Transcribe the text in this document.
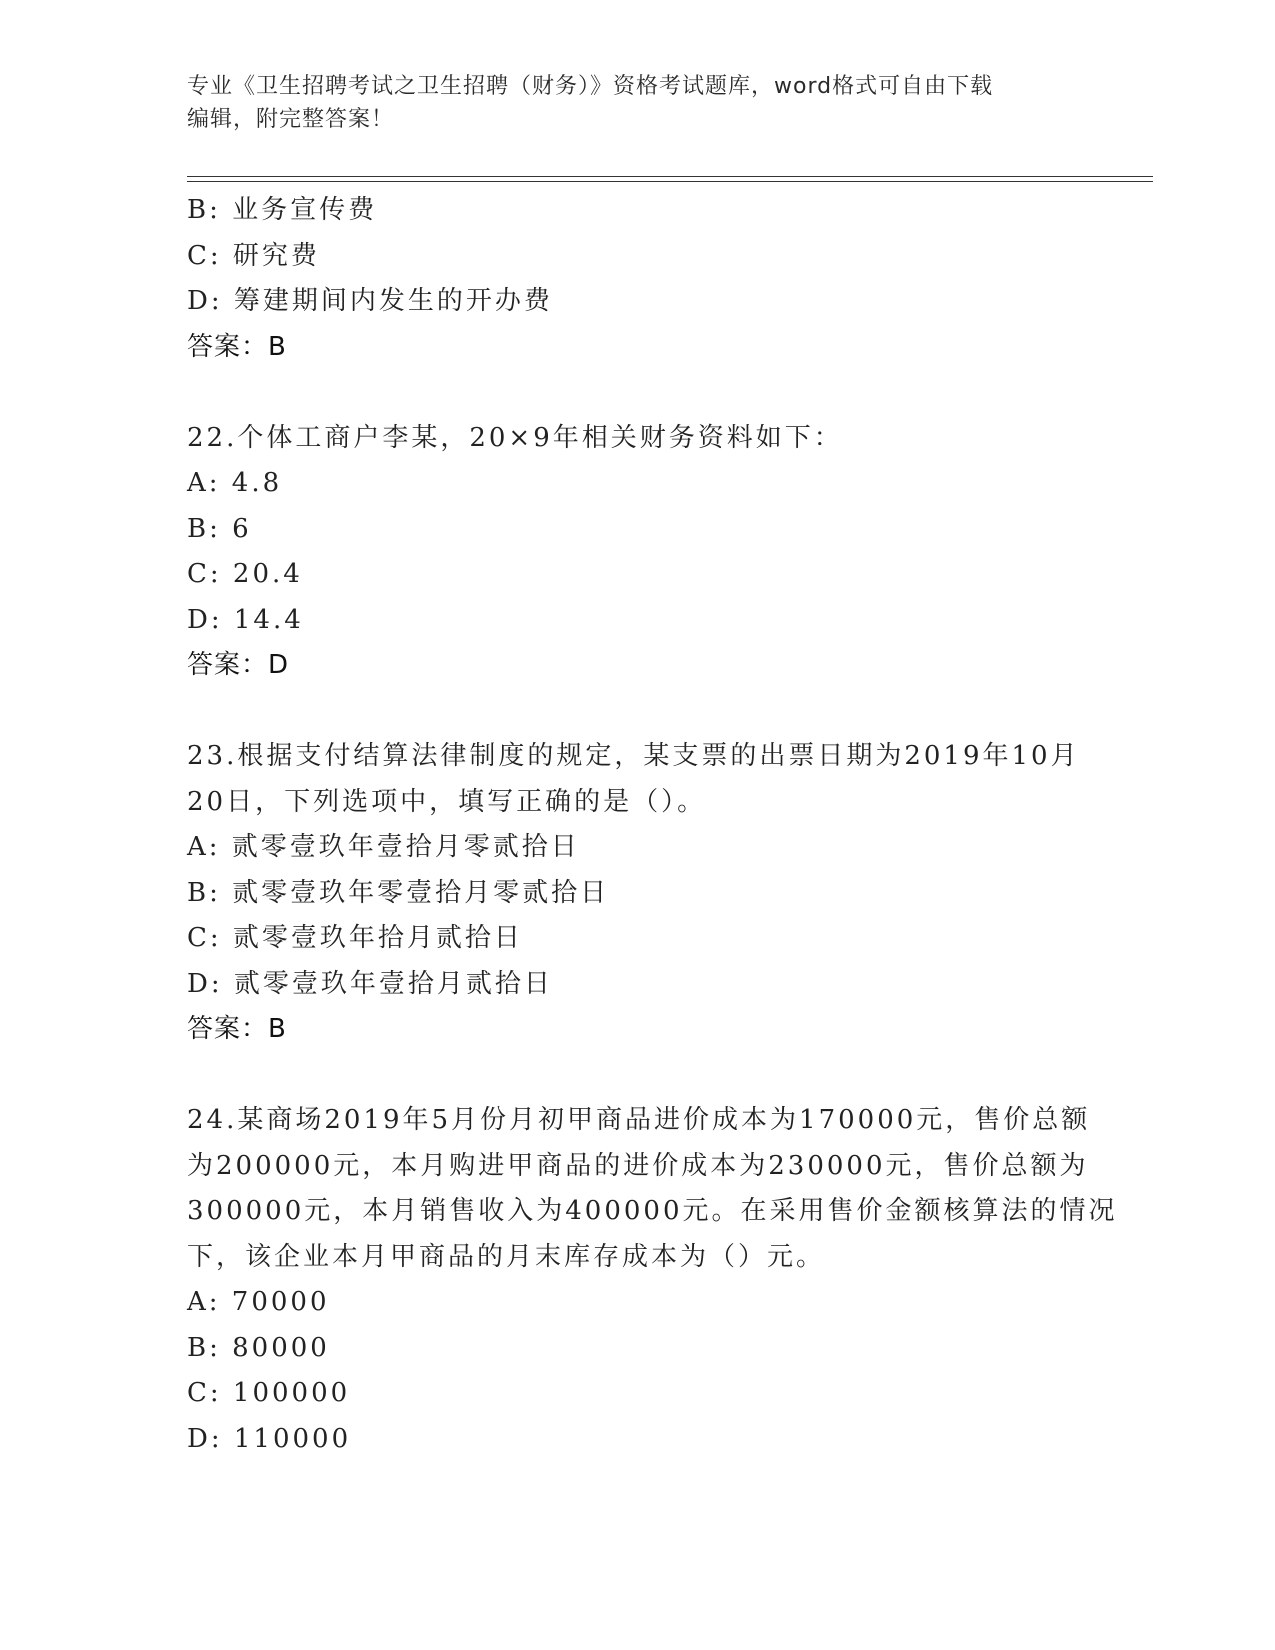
专业《卫生招聘考试之卫生招聘（财务）》资格考试题库，word格式可自由下载
编辑，附完整答案！
B: 业务宣传费
C: 研究费
D: 筹建期间内发生的开办费
答案：B
22.个体工商户李某，20×9年相关财务资料如下：
A: 4.8
B: 6
C: 20.4
D: 14.4
答案：D
23.根据支付结算法律制度的规定，某支票的出票日期为2019年10月
20日，下列选项中，填写正确的是（）。
A: 贰零壹玖年壹拾月零贰拾日
B: 贰零壹玖年零壹拾月零贰拾日
C: 贰零壹玖年拾月贰拾日
D: 贰零壹玖年壹拾月贰拾日
答案：B
24.某商场2019年5月份月初甲商品进价成本为170000元，售价总额
为200000元，本月购进甲商品的进价成本为230000元，售价总额为
300000元，本月销售收入为400000元。在采用售价金额核算法的情况
下，该企业本月甲商品的月末库存成本为（）元。
A: 70000
B: 80000
C: 100000
D: 110000
